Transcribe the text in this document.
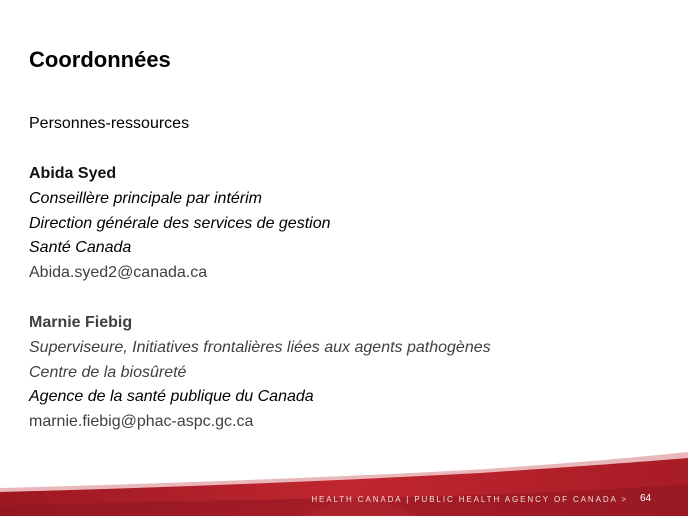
Coordonnées
Personnes-ressources
Abida Syed
Conseillère principale par intérim
Direction générale des services de gestion
Santé Canada
Abida.syed2@canada.ca
Marnie Fiebig
Superviseure, Initiatives frontalières liées aux agents pathogènes
Centre de la biosûreté
Agence de la santé publique du Canada
marnie.fiebig@phac-aspc.gc.ca
HEALTH CANADA | PUBLIC HEALTH AGENCY OF CANADA > 64
